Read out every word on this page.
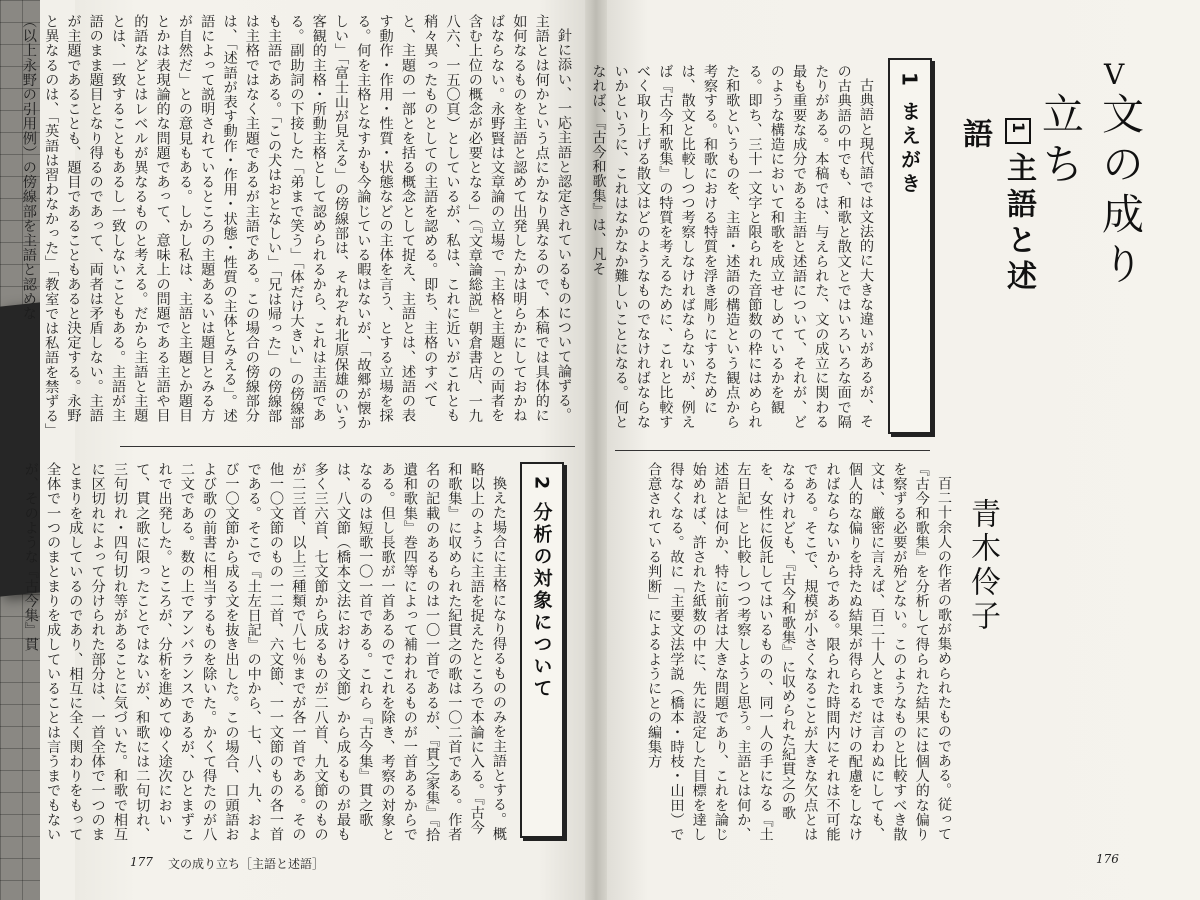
Ⅴ
文の成り立ち
1主語と述語
青木伶子
1 まえがき

古典語と現代語では文法的に大きな違いがあるが、その古典語の中でも、和歌と散文とではいろいろな面で隔たりがある。本稿では、与えられた、文の成立に関わる最も重要な成分である主語と述語について、それが、どのような構造において和歌を成立せしめているかを観る。即ち、三十一文字と限られた音節数の枠にはめられた和歌というものを、主語・述語の構造という観点から考察する。和歌における特質を浮き彫りにするためには、散文と比較しつつ考察しなければならないが、例えば『古今和歌集』の特質を考えるために、これと比較すべく取り上げる散文はどのようなものでなければならないかというに、これはなかなか難しいことになる。何となれば、『古今和歌集』は、凡そ

百二十余人の作者の歌が集められたものである。従って『古今和歌集』を分析して得られた結果には個人的な偏りを察ずる必要が殆どない。このようなものと比較すべき散文は、厳密に言えば、百二十人とまでは言わぬにしても、個人的な偏りを持たぬ結果が得られるだけの配慮をしなければならないからである。限られた時間内にそれは不可能である。そこで、規模が小さくなることが大きな欠点とはなるけれども、『古今和歌集』に収められた紀貫之の歌を、女性に仮託してはいるものの、同一人の手になる『土左日記』と比較しつつ考察しようと思う。主語とは何か、述語とは何か、特に前者は大きな問題であり、これを論じ始めれば、許された紙数の中に、先に設定した目標を達し得なくなる。故に「主要文法学説（橋本・時枝・山田）で合意されている判断」によるようにとの編集方

176

針に添い、一応主語と認定されているものについて論ずる。主語とは何かという点にかなり異なるので、本稿では具体的に如何なるものを主語と認めて出発したかは明らかにしておかねばならない。永野賢は文章論の立場で「主格と主題との両者を含む上位の概念が必要となる」（『文章論総説』朝倉書店、一九八六、一五〇頁）としているが、私は、これに近いがこれとも稍々異ったものとしての主語を認める。即ち、主格のすべてと、主題の一部とを括る概念として捉え、主語とは、述語の表す動作・作用・性質・状態などの主体を言う、とする立場を採る。何を主格となすかも今論じている暇はないが、「故郷が懐かしい」「富士山が見える」の傍線部は、それぞれ北原保雄のいう客観的主格・所動主格として認められるから、これは主語である。副助詞の下接した「弟まで笑う」「体だけ大きい」の傍線部も主語である。「この犬はおとなしい」「兄は帰った」の傍線部は主格ではなく主題であるが主語である。この場合の傍線部分は、「述語が表す動作・作用・状態・性質の主体とみえる」。述語によって説明されているところの主題あるいは題目とみる方が自然だ」との意見もある。しかし私は、主語と主題とか題目とかは表現論的な問題であって、意味上の問題である主語や目的語などとはレベルが異なるものと考える。だから主語と主題とは、一致することもあるし一致しないこともある。主語が主語のまま題目となり得るのであって、両者は矛盾しない。主語が主題であることも、題目であることもあると決定する。永野と異なるのは、「英語は習わなかった」「教室では私語を禁ずる」（以上永野の引用例）の傍線部を主語と認めな

2 分析の対象について

換えた場合に主格になり得るもののみを主語とする。概略以上のように主語を捉えたところで本論に入る。『古今和歌集』に収められた紀貫之の歌は一〇二首である。作者名の記載のあるものは一〇一首であるが、『貫之家集』『拾遺和歌集』巻四等によって補われるものが一首あるからである。但し長歌が一首あるのでこれを除き、考察の対象となるのは短歌一〇一首である。これら『古今集』貫之歌は、八文節（橋本文法における文節）から成るものが最も多く三六首、七文節から成るものが二八首、九文節のものが二三首、以上三種類で八七％までが各一首である。その他一〇文節のもの一二首、六文節、一一文節のもの各一首である。そこで『土左日記』の中から、七、八、九、および一〇文節から成る文を抜き出した。この場合、口頭語および歌の前書に相当するものを除いた。かくて得たのが八二文である。数の上でアンバランスであるが、ひとまずこれで出発した。ところが、分析を進めてゆく途次において、貫之歌に限ったことではないが、和歌には二句切れ、三句切れ・四句切れ等があることに気づいた。和歌で相互に区切れによって分けられた部分は、一首全体で一つのまとまりを成しているのであり、相互に全く関わりをもって全体で一つのまとまりを成していることは言うまでもないが、そのような『古今集』貫

177 文の成り立ち［主語と述語］
